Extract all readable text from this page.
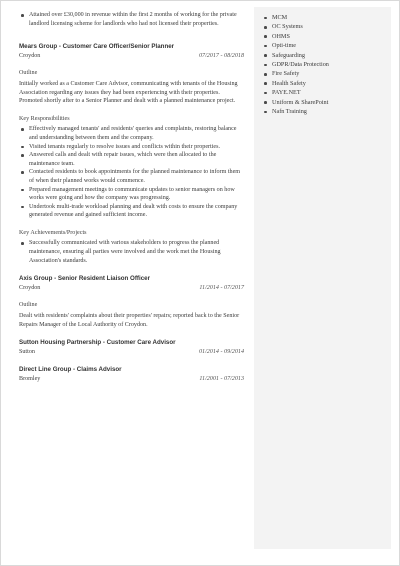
Attained over £30,000 in revenue within the first 2 months of working for the private landlord licensing scheme for landlords who had not licensed their properties.
Mears Group - Customer Care Officer/Senior Planner
Croydon	07/2017 - 08/2018
Outline
Initially worked as a Customer Care Advisor, communicating with tenants of the Housing Association regarding any issues they had been experiencing with their properties. Promoted shortly after to a Senior Planner and dealt with a planned maintenance project.
Key Responsibilities
Effectively managed tenants' and residents' queries and complaints, restoring balance and understanding between them and the company.
Visited tenants regularly to resolve issues and conflicts within their properties.
Answered calls and dealt with repair issues, which were then allocated to the maintenance team.
Contacted residents to book appointments for the planned maintenance to inform them of when their planned works would commence.
Prepared management meetings to communicate updates to senior managers on how works were going and how the company was progressing.
Undertook multi-trade workload planning and dealt with costs to ensure the company generated revenue and gained sufficient income.
Key Achievements/Projects
Successfully communicated with various stakeholders to progress the planned maintenance, ensuring all parties were involved and the work met the Housing Association's standards.
Axis Group - Senior Resident Liaison Officer
Croydon	11/2014 - 07/2017
Outline
Dealt with residents' complaints about their properties' repairs; reported back to the Senior Repairs Manager of the Local Authority of Croydon.
Sutton Housing Partnership - Customer Care Advisor
Sutton	01/2014 - 09/2014
Direct Line Group - Claims Advisor
Bromley	11/2001 - 07/2013
MCM
OC Systems
OHMS
Opti-time
Safeguarding
GDPR/Data Protection
Fire Safety
Health Safety
PAYE.NET
Uniform & SharePoint
Nafn Training
